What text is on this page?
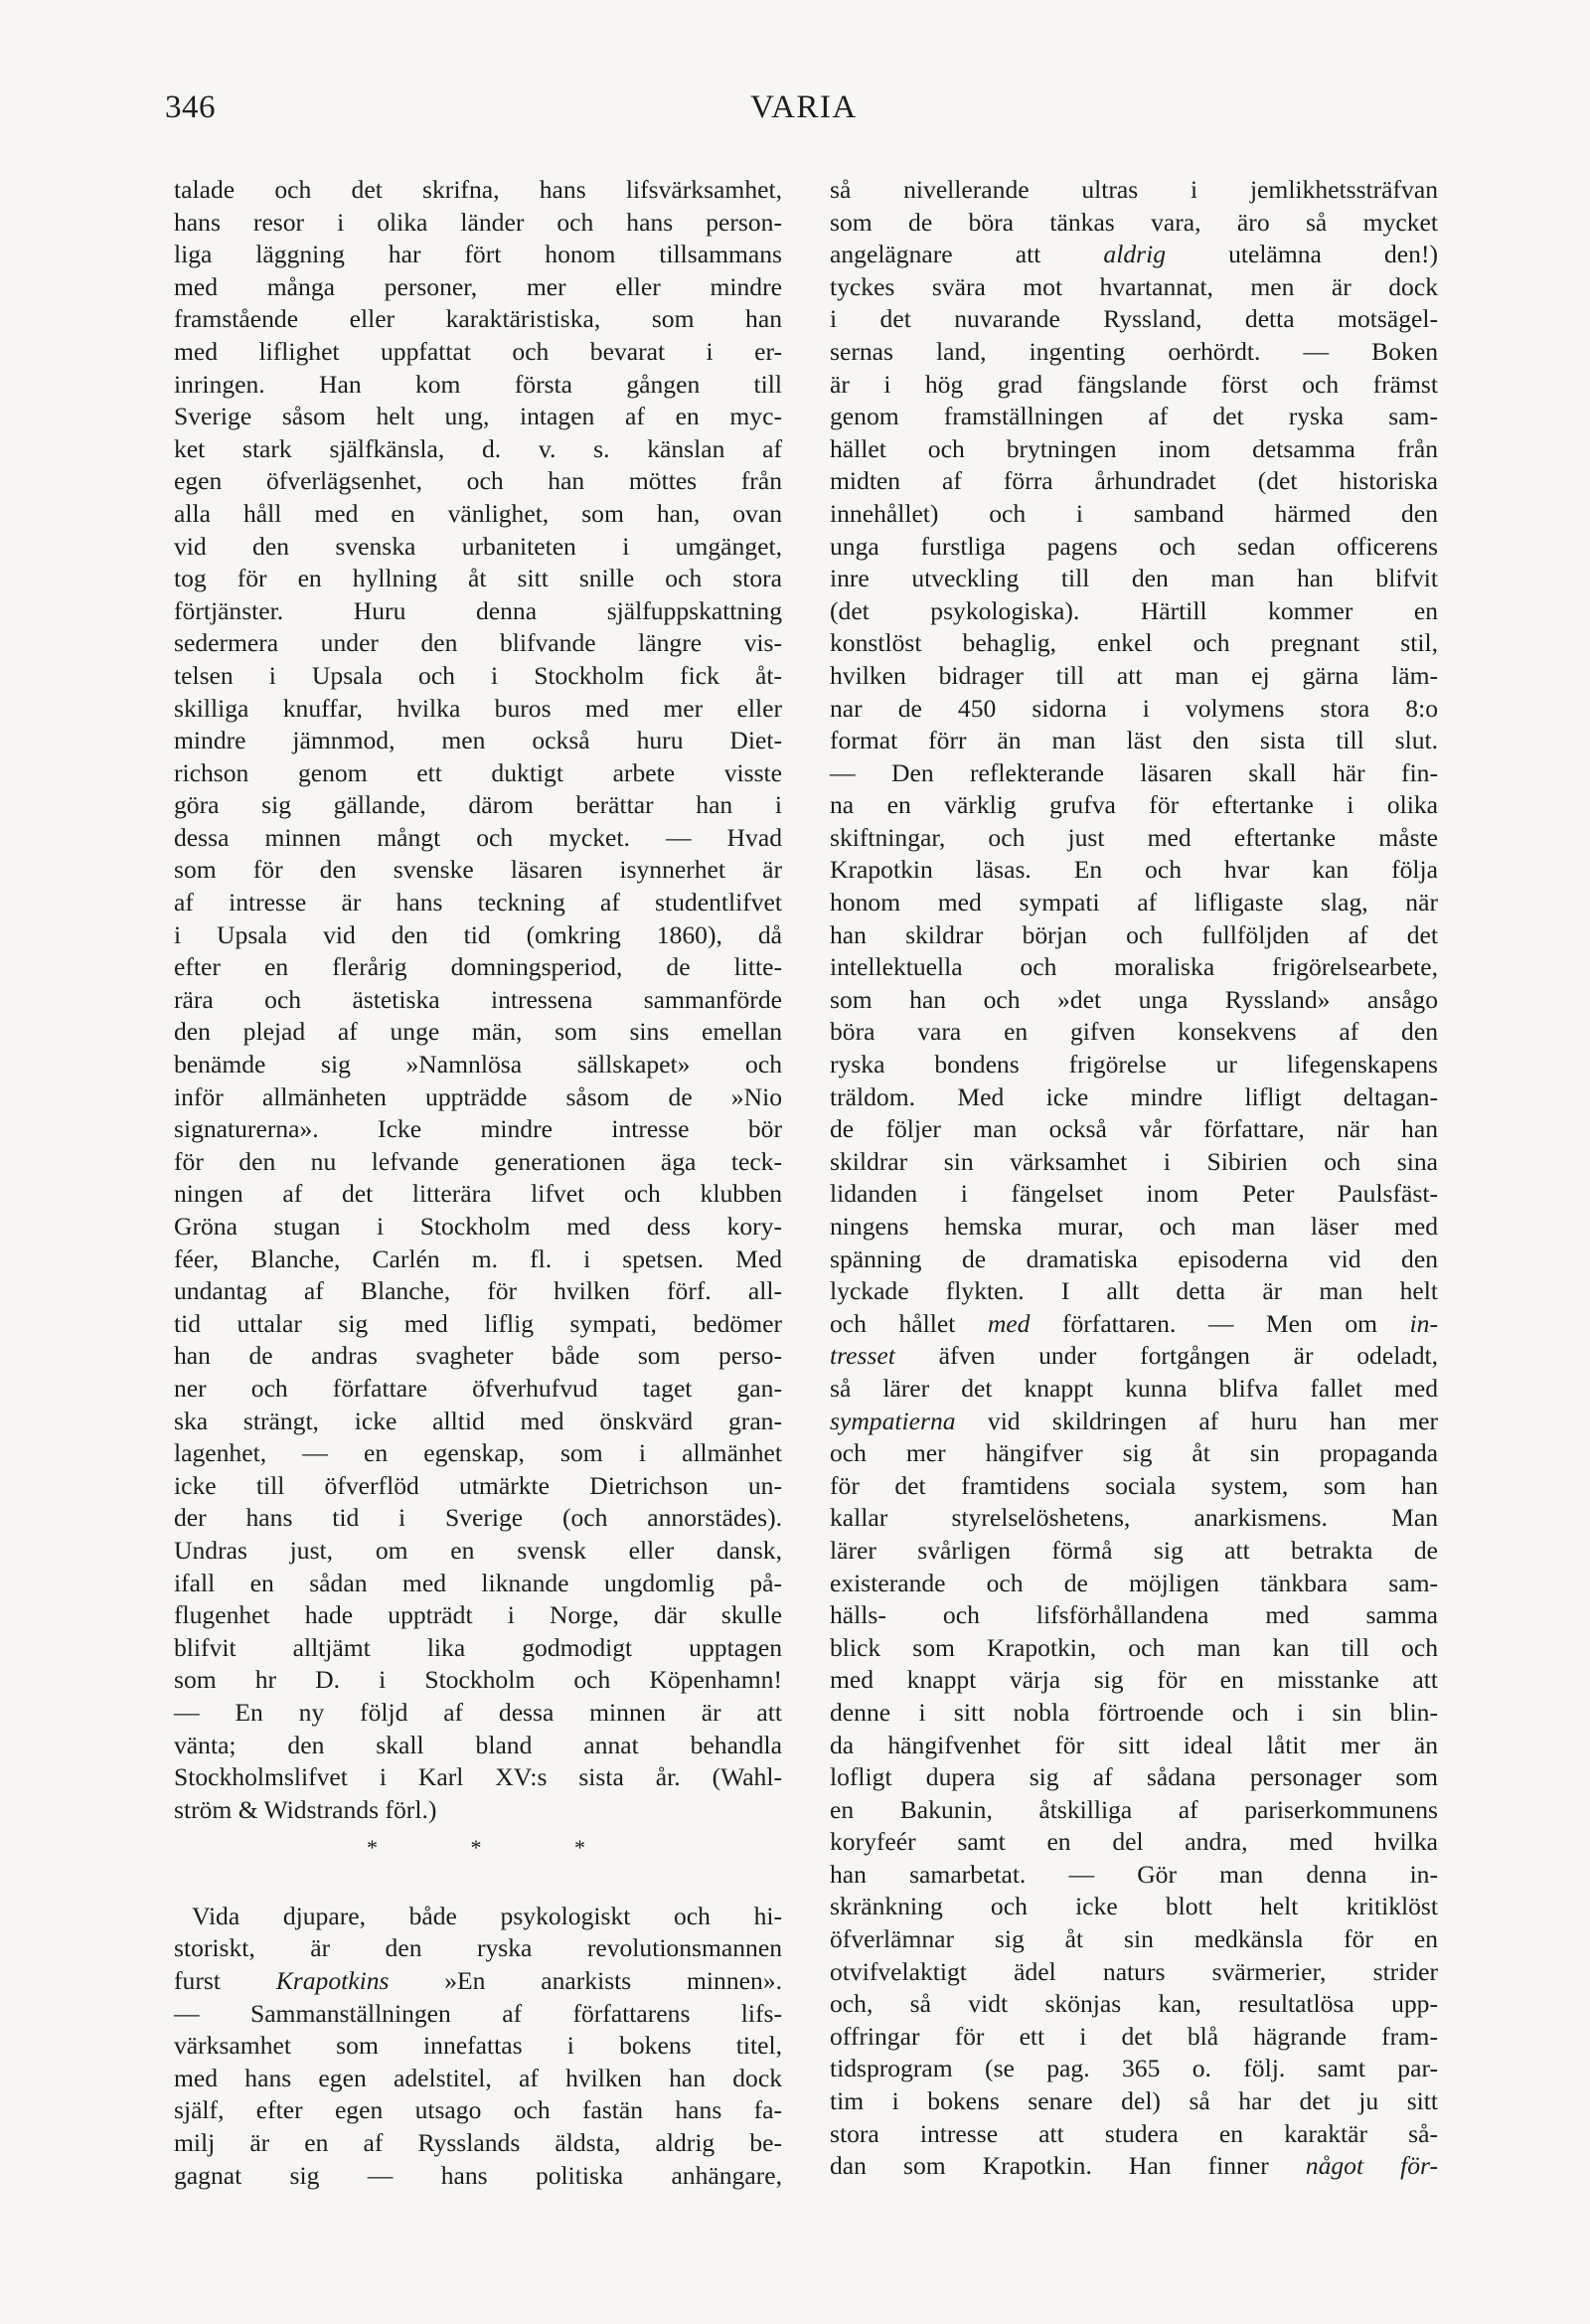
346	VARIA
talade och det skrifna, hans lifsvärksamhet,
hans resor i olika länder och hans person-
liga läggning har fört honom tillsammans
med många personer, mer eller mindre
framstående eller karaktäristiska, som han
med liflighet uppfattat och bevarat i er-
inringen. Han kom första gången till
Sverige såsom helt ung, intagen af en myc-
ket stark själfkänsla, d. v. s. känslan af
egen öfverlägsenhet, och han möttes från
alla håll med en vänlighet, som han, ovan
vid den svenska urbaniteten i umgänget,
tog för en hyllning åt sitt snille och stora
förtjänster. Huru denna själfuppskattning
sedermera under den blifvande längre vis-
telsen i Upsala och i Stockholm fick åt-
skilliga knuffar, hvilka buros med mer eller
mindre jämnmod, men också huru Diet-
richson genom ett duktigt arbete visste
göra sig gällande, därom berättar han i
dessa minnen mångt och mycket. — Hvad
som för den svenske läsaren isynnerhet är
af intresse är hans teckning af studentlifvet
i Upsala vid den tid (omkring 1860), då
efter en flerårig domningsperiod, de litte-
rära och ästetiska intressena sammanförde
den plejad af unge män, som sins emellan
benämde sig »Namnlösa sällskapet» och
inför allmänheten uppträdde såsom de »Nio
signaturerna». Icke mindre intresse bör
för den nu lefvande generationen äga teck-
ningen af det litterära lifvet och klubben
Gröna stugan i Stockholm med dess kory-
féer, Blanche, Carlén m. fl. i spetsen. Med
undantag af Blanche, för hvilken förf. all-
tid uttalar sig med liflig sympati, bedömer
han de andras svagheter både som perso-
ner och författare öfverhufvud taget gan-
ska strängt, icke alltid med önskvärd gran-
lagenhet, — en egenskap, som i allmänhet
icke till öfverflöd utmärkte Dietrichson un-
der hans tid i Sverige (och annorstädes).
Undras just, om en svensk eller dansk,
ifall en sådan med liknande ungdomlig på-
flugenhet hade uppträdt i Norge, där skulle
blifvit alltjämt lika godmodigt upptagen
som hr D. i Stockholm och Köpenhamn!
— En ny följd af dessa minnen är att
vänta; den skall bland annat behandla
Stockholmslifvet i Karl XV:s sista år. (Wahl-
ström & Widstrands förl.)
* * *
Vida djupare, både psykologiskt och hi-
storiskt, är den ryska revolutionsmannen
furst Krapotkins »En anarkists minnen».
— Sammanställningen af författarens lifs-
värksamhet som innefattas i bokens titel,
med hans egen adelstitel, af hvilken han dock
själf, efter egen utsago och fastän hans fa-
milj är en af Rysslands äldsta, aldrig be-
gagnat sig — hans politiska anhängare,
så nivellerande ultras i jemlikhetssträfvan
som de böra tänkas vara, äro så mycket
angelägnare att aldrig utelämna den!)
tyckes svära mot hvartannat, men är dock
i det nuvarande Ryssland, detta motsägel-
sernas land, ingenting oerhördt. — Boken
är i hög grad fängslande först och främst
genom framställningen af det ryska sam-
hället och brytningen inom detsamma från
midten af förra århundradet (det historiska
innehållet) och i samband härmed den
unga furstliga pagens och sedan officerens
inre utveckling till den man han blifvit
(det psykologiska). Härtill kommer en
konstlöst behaglig, enkel och pregnant stil,
hvilken bidrager till att man ej gärna läm-
nar de 450 sidorna i volymens stora 8:o
format förr än man läst den sista till slut.
— Den reflekterande läsaren skall här fin-
na en värklig grufva för eftertanke i olika
skiftningar, och just med eftertanke måste
Krapotkin läsas. En och hvar kan följa
honom med sympati af lifligaste slag, när
han skildrar början och fullföljden af det
intellektuella och moraliska frigörelsearbete,
som han och »det unga Ryssland» ansågo
böra vara en gifven konsekvens af den
ryska bondens frigörelse ur lifegenskapens
träldom. Med icke mindre lifligt deltagan-
de följer man också vår författare, när han
skildrar sin värksamhet i Sibirien och sina
lidanden i fängelset inom Peter Paulsfäst-
ningens hemska murar, och man läser med
spänning de dramatiska episoderna vid den
lyckade flykten. I allt detta är man helt
och hållet med författaren. — Men om in-
tresset äfven under fortgången är odeladt,
så lärer det knappt kunna blifva fallet med
sympatierna vid skildringen af huru han mer
och mer hängifver sig åt sin propaganda
för det framtidens sociala system, som han
kallar styrelselöshetens, anarkismens. Man
lärer svårligen förmå sig att betrakta de
existerande och de möjligen tänkbara sam-
hälls- och lifsförhållandena med samma
blick som Krapotkin, och man kan till och
med knappt värja sig för en misstanke att
denne i sitt nobla förtroende och i sin blin-
da hängifvenhet för sitt ideal låtit mer än
lofligt dupera sig af sådana personager som
en Bakunin, åtskilliga af pariserkommunens
koryfeér samt en del andra, med hvilka
han samarbetat. — Gör man denna in-
skränkning och icke blott helt kritiklöst
öfverlämnar sig åt sin medkänsla för en
otvifvelaktigt ädel naturs svärmerier, strider
och, så vidt skönjas kan, resultatlösa upp-
offringar för ett i det blå hägrande fram-
tidsprogram (se pag. 365 o. följ. samt par-
tim i bokens senare del) så har det ju sitt
stora intresse att studera en karaktär så-
dan som Krapotkin. Han finner något för-
